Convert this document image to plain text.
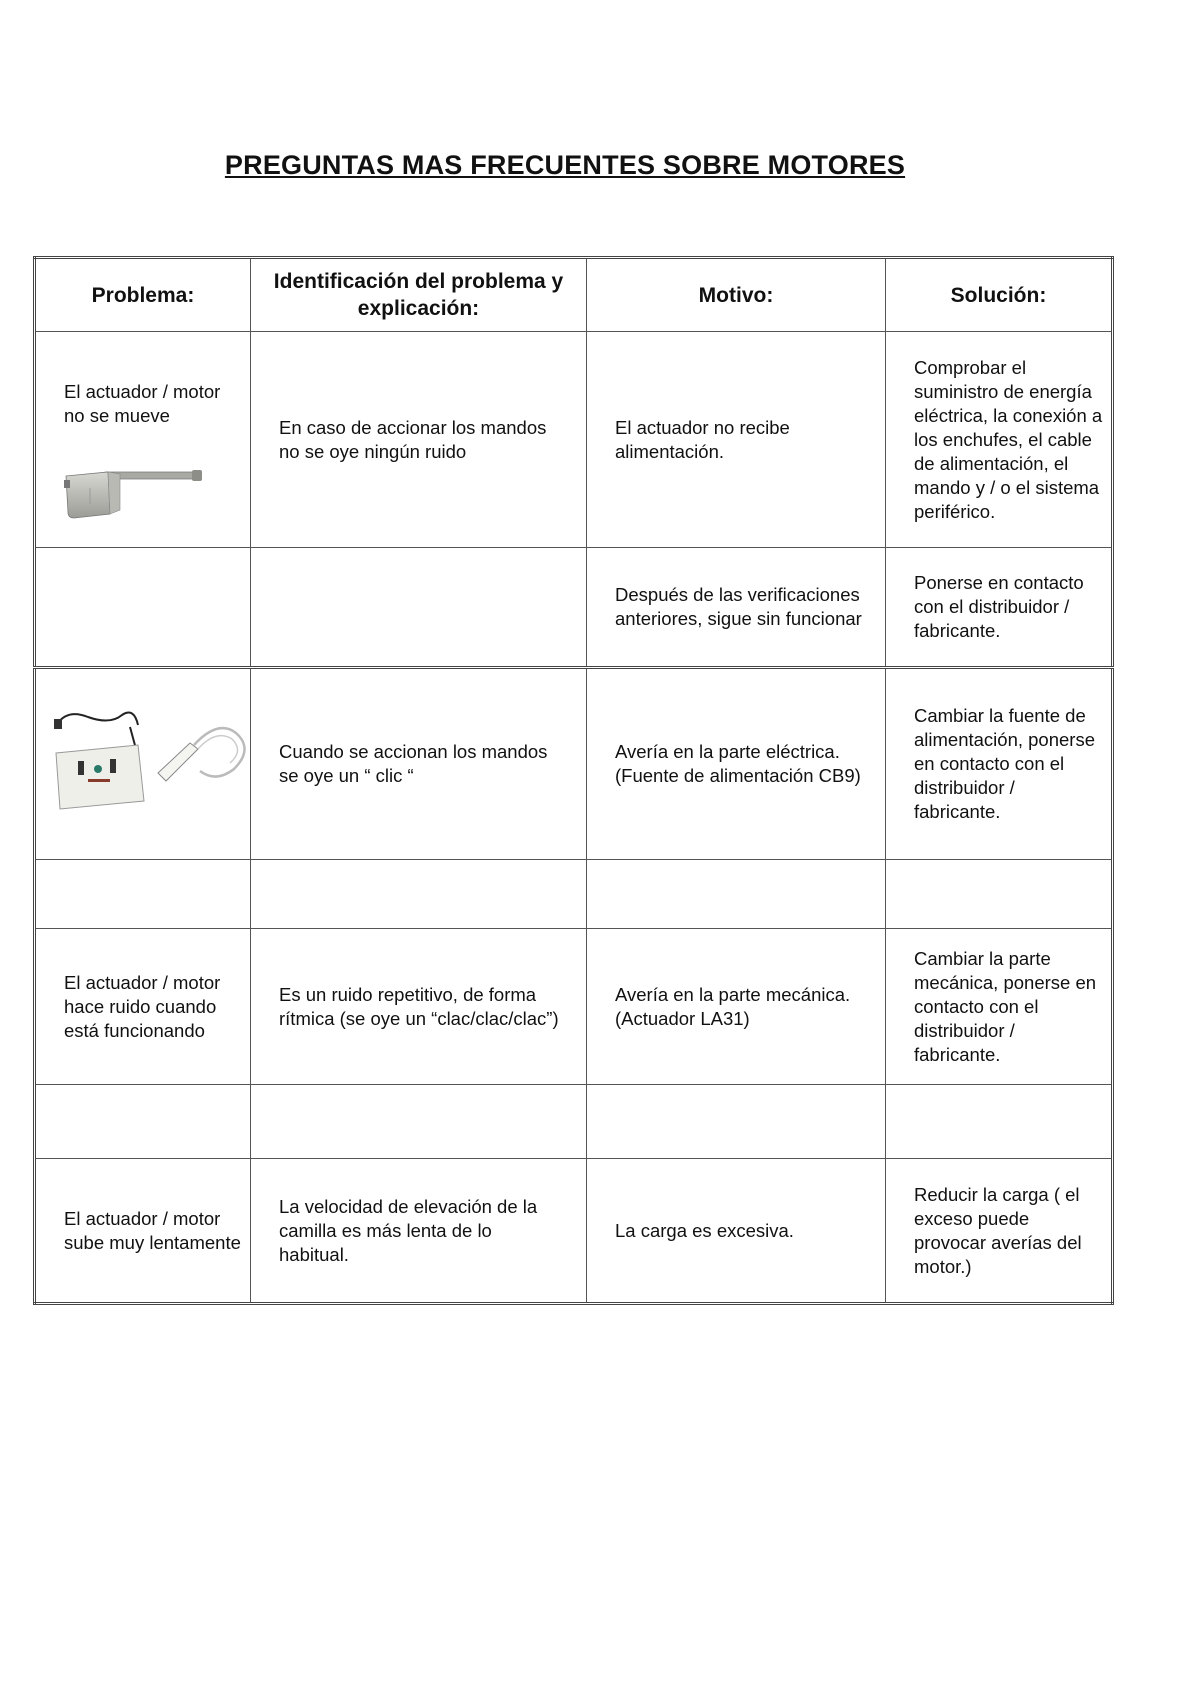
PREGUNTAS MAS FRECUENTES SOBRE MOTORES
Problema:	Identificación del problema y explicación:	Motivo:	Solución:

El actuador / motor no se mueve	En caso de accionar los mandos no se oye ningún ruido	El actuador no recibe alimentación.	Comprobar el suministro de energía eléctrica, la conexión a los enchufes, el cable de alimentación, el mando y / o el sistema periférico.
		Después de las verificaciones anteriores, sigue sin funcionar	Ponerse en contacto con el distribuidor / fabricante.

	Cuando se accionan los mandos se oye un “ clic “	Avería en la parte eléctrica. (Fuente de alimentación CB9)	Cambiar la fuente de alimentación, ponerse en contacto con el distribuidor / fabricante.

El actuador / motor hace ruido cuando está funcionando	Es un ruido repetitivo, de forma rítmica (se oye un “clac/clac/clac”)	Avería en la parte mecánica. (Actuador LA31)	Cambiar la parte mecánica, ponerse en contacto con el distribuidor / fabricante.

El actuador / motor sube muy lentamente	La velocidad de elevación de la camilla es más lenta de lo habitual.	La carga es excesiva.	Reducir la carga ( el exceso puede provocar averías del motor.)
